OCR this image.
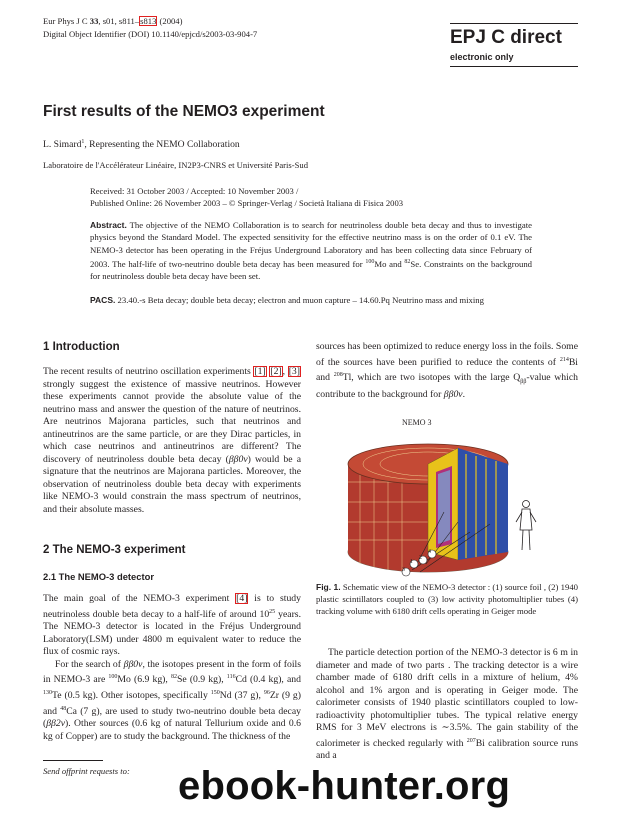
Eur Phys J C 33, s01, s811–s813 (2004)
Digital Object Identifier (DOI) 10.1140/epjcd/s2003-03-904-7	EPJ C direct
electronic only
First results of the NEMO3 experiment
L. Simard$^1$, Representing the NEMO Collaboration
Laboratoire de l'Accélérateur Linéaire, IN2P3-CNRS et Université Paris-Sud
Received: 31 October 2003 / Accepted: 10 November 2003 /
Published Online: 26 November 2003 – © Springer-Verlag / Società Italiana di Fisica 2003
Abstract. The objective of the NEMO Collaboration is to search for neutrinoless double beta decay and thus to investigate physics beyond the Standard Model. The expected sensitivity for the effective neutrino mass is on the order of 0.1 eV. The NEMO-3 detector has been operating in the Fréjus Underground Laboratory and has been collecting data since February of 2003. The half-life of two-neutrino double beta decay has been measured for $^{100}$Mo and $^{82}$Se. Constraints on the background for neutrinoless double beta decay have been set.
PACS. 23.40.-s Beta decay; double beta decay; electron and muon capture – 14.60.Pq Neutrino mass and mixing
1 Introduction
The recent results of neutrino oscillation experiments [1] [2], [3] strongly suggest the existence of massive neutrinos. However these experiments cannot provide the absolute value of the neutrino mass and answer the question of the nature of neutrinos. Are neutrinos Majorana particles, such that neutrinos and antineutrinos are the same particle, or are they Dirac particles, in which case neutrinos and antineutrinos are different? The discovery of neutrinoless double beta decay (ββ0ν) would be a signature that the neutrinos are Majorana particles. Moreover, the observation of neutrinoless double beta decay with experiments like NEMO-3 would constrain the mass spectrum of neutrinos, and their absolute masses.
2 The NEMO-3 experiment
2.1 The NEMO-3 detector
The main goal of the NEMO-3 experiment [4] is to study neutrinoless double beta decay to a half-life of around $10^{25}$ years. The NEMO-3 detector is located in the Fréjus Underground Laboratory(LSM) under 4800 m equivalent water to reduce the flux of cosmic rays.
For the search of ββ0ν, the isotopes present in the form of foils in NEMO-3 are $^{100}$Mo (6.9 kg), $^{82}$Se (0.9 kg), $^{116}$Cd (0.4 kg), and $^{130}$Te (0.5 kg). Other isotopes, specifically $^{150}$Nd (37 g), $^{96}$Zr (9 g) and $^{48}$Ca (7 g), are used to study two-neutrino double beta decay (ββ2ν). Other sources (0.6 kg of natural Tellurium oxide and 0.6 kg of Copper) are to study the background. The thickness of the
Send offprint requests to:
sources has been optimized to reduce energy loss in the foils. Some of the sources have been purified to reduce the contents of $^{214}$Bi and $^{208}$Tl, which are two isotopes with the large $Q_{\beta\beta}$-value which contribute to the background for ββ0ν.
NEMO 3
1
2
3
4
Fig. 1. Schematic view of the NEMO-3 detector : (1) source foil , (2) 1940 plastic scintillators coupled to (3) low activity photomultiplier tubes (4) tracking volume with 6180 drift cells operating in Geiger mode
The particle detection portion of the NEMO-3 detector is 6 m in diameter and made of two parts . The tracking detector is a wire chamber made of 6180 drift cells in a mixture of helium, 4% alcohol and 1% argon and is operating in Geiger mode. The calorimeter consists of 1940 plastic scintillators coupled to low-radioactivity photomultiplier tubes. The typical relative energy RMS for 3 MeV electrons is ∼3.5%. The gain stability of the calorimeter is checked regularly with $^{207}$Bi calibration source runs and a
ebook-hunter.org
